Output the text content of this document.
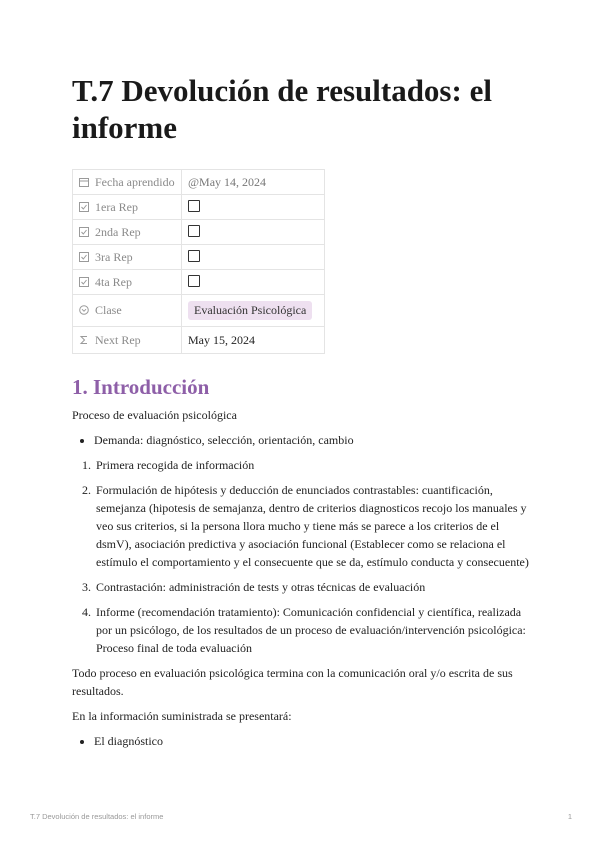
T.7 Devolución de resultados: el informe
Fecha aprendido	@May 14, 2024
1era Rep	
2nda Rep	
3ra Rep	
4ta Rep	
Clase	Evaluación Psicológica
Next Rep	May 15, 2024
1. Introducción

Proceso de evaluación psicológica

• Demanda: diagnóstico, selección, orientación, cambio
1. Primera recogida de información
2. Formulación de hipótesis y deducción de enunciados contrastables: cuantificación, semejanza (hipotesis de semajanza, dentro de criterios diagnosticos recojo los manuales y veo sus criterios, si la persona llora mucho y tiene más se parece a los criterios de el dsmV), asociación predictiva y asociación funcional (Establecer como se relaciona el estímulo el comportamiento y el consecuente que se da, estímulo conducta y consecuente)
3. Contrastación: administración de tests y otras técnicas de evaluación
4. Informe (recomendación tratamiento): Comunicación confidencial y científica, realizada por un psicólogo, de los resultados de un proceso de evaluación/intervención psicológica: Proceso final de toda evaluación

Todo proceso en evaluación psicológica termina con la comunicación oral y/o escrita de sus resultados.

En la información suministrada se presentará:

• El diagnóstico
T.7 Devolución de resultados: el informe	1
